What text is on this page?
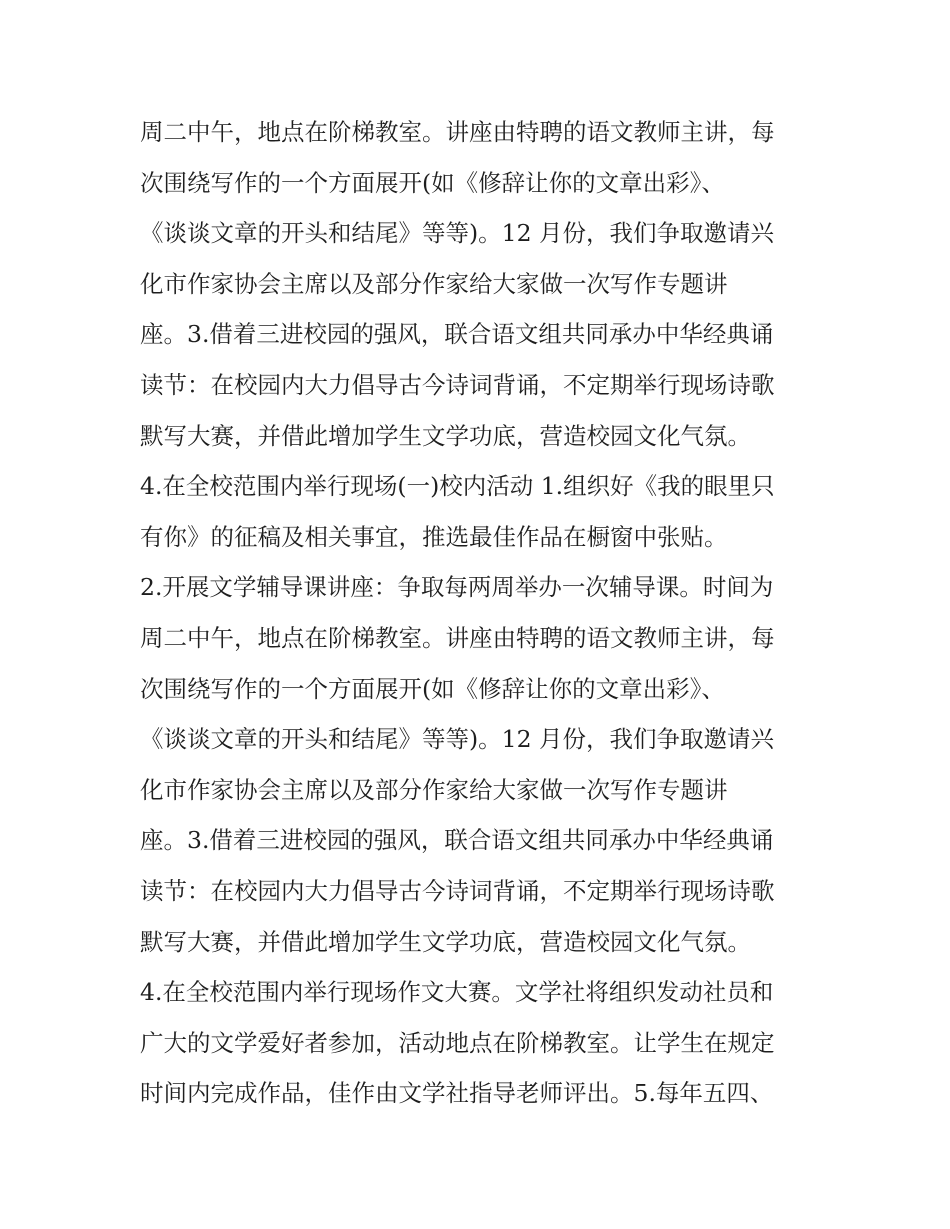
周二中午，地点在阶梯教室。讲座由特聘的语文教师主讲，每
次围绕写作的一个方面展开(如《修辞让你的文章出彩》、
《谈谈文章的开头和结尾》等等)。12 月份，我们争取邀请兴
化市作家协会主席以及部分作家给大家做一次写作专题讲
座。3.借着三进校园的强风，联合语文组共同承办中华经典诵
读节：在校园内大力倡导古今诗词背诵，不定期举行现场诗歌
默写大赛，并借此增加学生文学功底，营造校园文化气氛。
4.在全校范围内举行现场(一)校内活动 1.组织好《我的眼里只
有你》的征稿及相关事宜，推选最佳作品在橱窗中张贴。
2.开展文学辅导课讲座：争取每两周举办一次辅导课。时间为
周二中午，地点在阶梯教室。讲座由特聘的语文教师主讲，每
次围绕写作的一个方面展开(如《修辞让你的文章出彩》、
《谈谈文章的开头和结尾》等等)。12 月份，我们争取邀请兴
化市作家协会主席以及部分作家给大家做一次写作专题讲
座。3.借着三进校园的强风，联合语文组共同承办中华经典诵
读节：在校园内大力倡导古今诗词背诵，不定期举行现场诗歌
默写大赛，并借此增加学生文学功底，营造校园文化气氛。
4.在全校范围内举行现场作文大赛。文学社将组织发动社员和
广大的文学爱好者参加，活动地点在阶梯教室。让学生在规定
时间内完成作品，佳作由文学社指导老师评出。5.每年五四、
